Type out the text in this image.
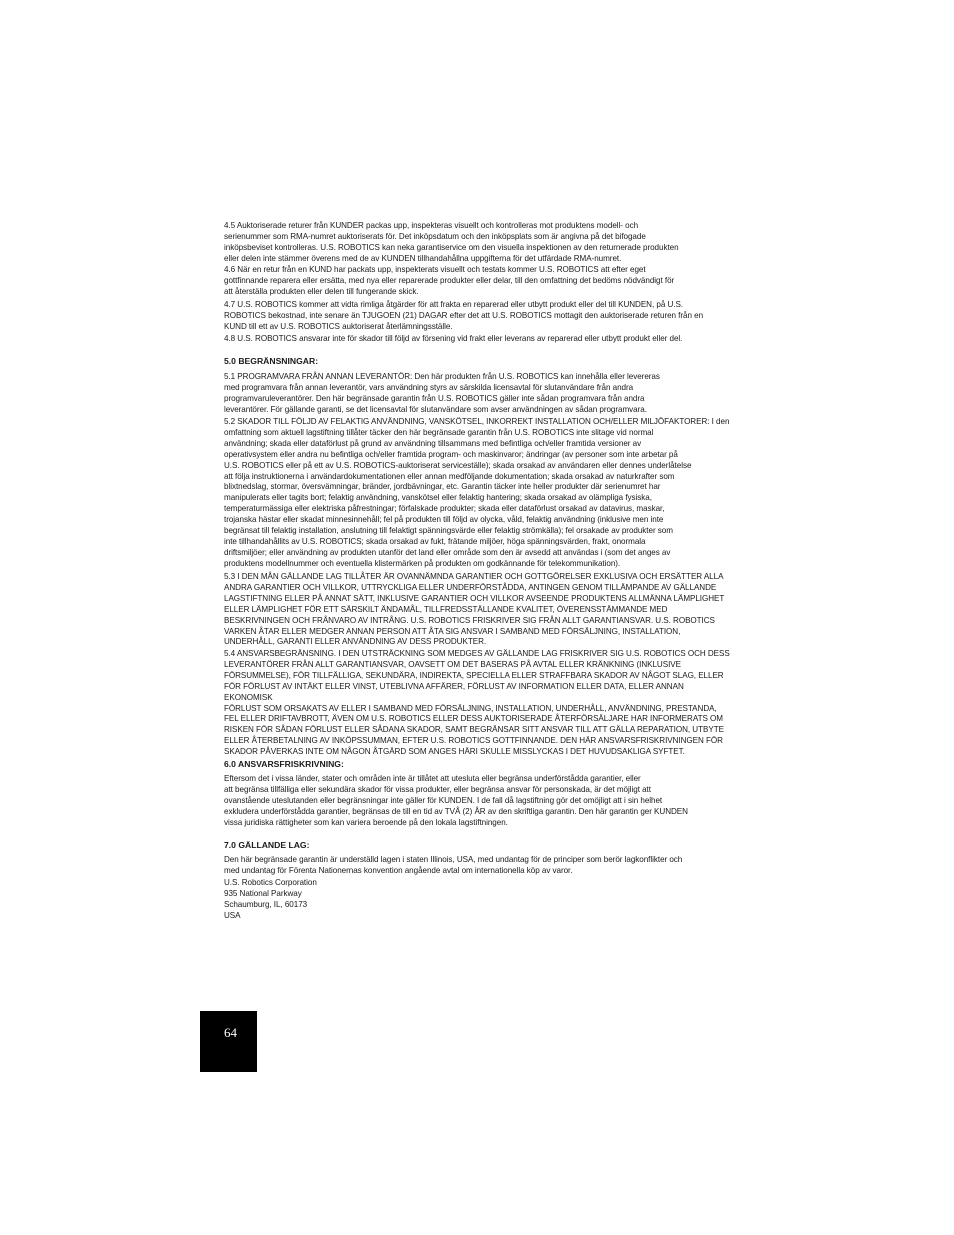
4.5 Auktoriserade returer från KUNDER packas upp, inspekteras visuellt och kontrolleras mot produktens modell- och
serienummer som RMA-numret auktoriserats för. Det inköpsdatum och den inköpsplats som är angivna på det bifogade
inköpsbeviset kontrolleras. U.S. ROBOTICS kan neka garantiservice om den visuella inspektionen av den returnerade produkten
eller delen inte stämmer överens med de av KUNDEN tillhandahållna uppgifterna för det utfärdade RMA-numret.
4.6 När en retur från en KUND har packats upp, inspekterats visuellt och testats kommer U.S. ROBOTICS att efter eget
gottfinnande reparera eller ersätta, med nya eller reparerade produkter eller delar, till den omfattning det bedöms nödvändigt för
att återställa produkten eller delen till fungerande skick.
4.7 U.S. ROBOTICS kommer att vidta rimliga åtgärder för att frakta en reparerad eller utbytt produkt eller del till KUNDEN, på U.S.
ROBOTICS bekostnad, inte senare än TJUGOEN (21) DAGAR efter det att U.S. ROBOTICS mottagit den auktoriserade returen från en
KUND till ett av U.S. ROBOTICS auktoriserat återlämningsställe.
4.8 U.S. ROBOTICS ansvarar inte för skador till följd av försening vid frakt eller leverans av reparerad eller utbytt produkt eller del.
5.0 BEGRÄNSNINGAR:
5.1 PROGRAMVARA FRÅN ANNAN LEVERANTÖR: Den här produkten från U.S. ROBOTICS kan innehålla eller levereras
med programvara från annan leverantör, vars användning styrs av särskilda licensavtal för slutanvändare från andra
programvaruleverantörer. Den här begränsade garantin från U.S. ROBOTICS gäller inte sådan programvara från andra
leverantörer. För gällande garanti, se det licensavtal för slutanvändare som avser användningen av sådan programvara.
5.2 SKADOR TILL FÖLJD AV FELAKTIG ANVÄNDNING, VANSKÖTSEL, INKORREKT INSTALLATION OCH/ELLER MILJÖFAKTORER: I den
omfattning som aktuell lagstiftning tillåter täcker den här begränsade garantin från U.S. ROBOTICS inte slitage vid normal
användning; skada eller dataförlust på grund av användning tillsammans med befintliga och/eller framtida versioner av
operativsystem eller andra nu befintliga och/eller framtida program- och maskinvaror; ändringar (av personer som inte arbetar på
U.S. ROBOTICS eller på ett av U.S. ROBOTICS-auktoriserat serviceställe); skada orsakad av användaren eller dennes underlåtelse
att följa instruktionerna i användardokumentationen eller annan medföljande dokumentation; skada orsakad av naturkrafter som
blixtnedslag, stormar, översvämningar, bränder, jordbävningar, etc. Garantin täcker inte heller produkter där serienumret har
manipulerats eller tagits bort; felaktig användning, vanskötsel eller felaktig hantering; skada orsakad av olämpliga fysiska,
temperaturmässiga eller elektriska påfrestningar; förfalskade produkter; skada eller dataförlust orsakad av datavirus, maskar,
trojanska hästar eller skadat minnesinnehåll; fel på produkten till följd av olycka, våld, felaktig användning (inklusive men inte
begränsat till felaktig installation, anslutning till felaktigt spänningsvärde eller felaktig strömkälla); fel orsakade av produkter som
inte tillhandahållits av U.S. ROBOTICS; skada orsakad av fukt, frätande miljöer, höga spänningsvärden, frakt, onormala
driftsmiljöer; eller användning av produkten utanför det land eller område som den är avsedd att användas i (som det anges av
produktens modellnummer och eventuella klistermärken på produkten om godkännande för telekommunikation).
5.3 I DEN MÅN GÄLLANDE LAG TILLÅTER ÄR OVANNÄMNDA GARANTIER OCH GOTTGÖRELSER EXKLUSIVA OCH ERSÄTTER ALLA
ANDRA GARANTIER OCH VILLKOR, UTTRYCKLIGA ELLER UNDERFÖRSTÅDDA, ANTINGEN GENOM TILLÄMPANDE AV GÄLLANDE
LAGSTIFTNING ELLER PÅ ANNAT SÄTT, INKLUSIVE GARANTIER OCH VILLKOR AVSEENDE PRODUKTENS ALLMÄNNA LÄMPLIGHET
ELLER LÄMPLIGHET FÖR ETT SÄRSKILT ÄNDAMÅL, TILLFREDSSTÄLLANDE KVALITET, ÖVERENSSTÄMMANDE MED
BESKRIVNINGEN OCH FRÅNVARO AV INTRÅNG. U.S. ROBOTICS FRISKRIVER SIG FRÅN ALLT GARANTIANSVAR. U.S. ROBOTICS
VARKEN ÅTAR ELLER MEDGER ANNAN PERSON ATT ÅTA SIG ANSVAR I SAMBAND MED FÖRSÄLJNING, INSTALLATION,
UNDERHÅLL, GARANTI ELLER ANVÄNDNING AV DESS PRODUKTER.
5.4 ANSVARSBEGRÄNSNING. I DEN UTSTRÄCKNING SOM MEDGES AV GÄLLANDE LAG FRISKRIVER SIG U.S. ROBOTICS OCH DESS
LEVERANTÖRER FRÅN ALLT GARANTIANSVAR, OAVSETT OM DET BASERAS PÅ AVTAL ELLER KRÄNKNING (INKLUSIVE
FÖRSUMMELSE), FÖR TILLFÄLLIGA, SEKUNDÄRA, INDIREKTA, SPECIELLA ELLER STRAFFBARA SKADOR AV NÅGOT SLAG, ELLER
FÖR FÖRLUST AV INTÄKT ELLER VINST, UTEBLIVNA AFFÄRER, FÖRLUST AV INFORMATION ELLER DATA, ELLER ANNAN EKONOMISK
FÖRLUST SOM ORSAKATS AV ELLER I SAMBAND MED FÖRSÄLJNING, INSTALLATION, UNDERHÅLL, ANVÄNDNING, PRESTANDA,
FEL ELLER DRIFTAVBROTT, ÄVEN OM U.S. ROBOTICS ELLER DESS AUKTORISERADE ÅTERFÖRSÄLJARE HAR INFORMERATS OM
RISKEN FÖR SÅDAN FÖRLUST ELLER SÅDANA SKADOR, SAMT BEGRÄNSAR SITT ANSVAR TILL ATT GÄLLA REPARATION, UTBYTE
ELLER ÅTERBETALNING AV INKÖPSSUMMAN, EFTER U.S. ROBOTICS GOTTFINNANDE. DEN HÄR ANSVARSFRISKRIVNINGEN FÖR
SKADOR PÅVERKAS INTE OM NÅGON ÅTGÄRD SOM ANGES HÄRI SKULLE MISSLYCKAS I DET HUVUDSAKLIGA SYFTET.
6.0 ANSVARSFRISKRIVNING:
Eftersom det i vissa länder, stater och områden inte är tillåtet att utesluta eller begränsa underförstådda garantier, eller
att begränsa tillfälliga eller sekundära skador för vissa produkter, eller begränsa ansvar för personskada, är det möjligt att
ovanstående uteslutanden eller begränsningar inte gäller för KUNDEN. I de fall då lagstiftning gör det omöjligt att i sin helhet
exkludera underförstådda garantier, begränsas de till en tid av TVÅ (2) ÅR av den skriftliga garantin. Den här garantin ger KUNDEN
vissa juridiska rättigheter som kan variera beroende på den lokala lagstiftningen.
7.0 GÄLLANDE LAG:
Den här begränsade garantin är underställd lagen i staten Illinois, USA, med undantag för de principer som berör lagkonflikter och
med undantag för Förenta Nationernas konvention angående avtal om internationella köp av varor.
U.S. Robotics Corporation
935 National Parkway
Schaumburg, IL, 60173
USA
64
